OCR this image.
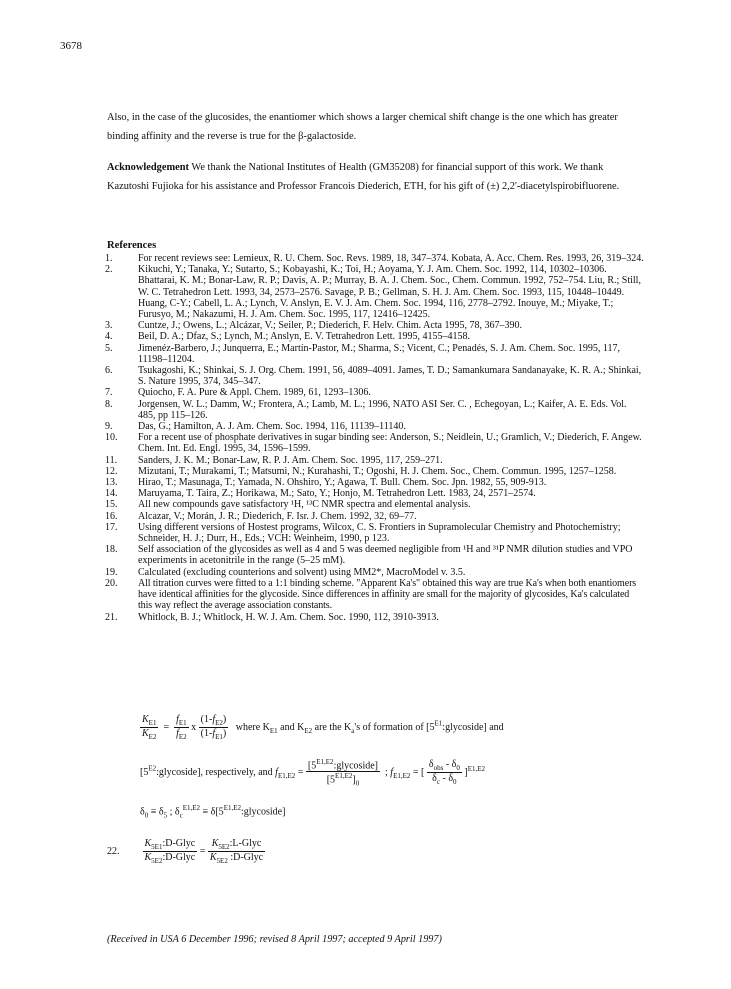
3678
Also, in the case of the glucosides, the enantiomer which shows a larger chemical shift change is the one which has greater binding affinity and the reverse is true for the β-galactoside.
Acknowledgement We thank the National Institutes of Health (GM35208) for financial support of this work. We thank Kazutoshi Fujioka for his assistance and Professor Francois Diederich, ETH, for his gift of (±) 2,2'-diacetylspirobifluorene.
References
1.	For recent reviews see: Lemieux, R. U. Chem. Soc. Revs. 1989, 18, 347–374. Kobata, A. Acc. Chem. Res. 1993, 26, 319–324.
2.	Kikuchi, Y.; Tanaka, Y.; Sutarto, S.; Kobayashi, K.; Toi, H.; Aoyama, Y. J. Am. Chem. Soc. 1992, 114, 10302–10306. Bhattarai, K. M.; Bonar-Law, R. P.; Davis, A. P.; Murray, B. A. J. Chem. Soc., Chem. Commun. 1992, 752–754. Liu, R.; Still, W. C. Tetrahedron Lett. 1993, 34, 2573–2576. Savage, P. B.; Gellman, S. H. J. Am. Chem. Soc. 1993, 115, 10448–10449. Huang, C-Y.; Cabell, L. A.; Lynch, V. Anslyn, E. V. J. Am. Chem. Soc. 1994, 116, 2778–2792. Inouye, M.; Miyake, T.; Furusyo, M.; Nakazumi, H. J. Am. Chem. Soc. 1995, 117, 12416–12425.
3.	Cuntze, J.; Owens, L.; Alcázar, V.; Seiler, P.; Diederich, F. Helv. Chim. Acta 1995, 78, 367–390.
4.	Beil, D. A.; Dfaz, S.; Lynch, M.; Anslyn, E. V. Tetrahedron Lett. 1995, 4155–4158.
5.	Jimenéz-Barbero, J.; Junquerra, E.; Martín-Pastor, M.; Sharma, S.; Vicent, C.; Penadés, S. J. Am. Chem. Soc. 1995, 117, 11198–11204.
6.	Tsukagoshi, K.; Shinkai, S. J. Org. Chem. 1991, 56, 4089–4091. James, T. D.; Samankumara Sandanayake, K. R. A.; Shinkai, S. Nature 1995, 374, 345–347.
7.	Quiocho, F. A. Pure & Appl. Chem. 1989, 61, 1293–1306.
8.	Jorgensen, W. L.; Damm, W.; Frontera, A.; Lamb, M. L.; 1996, NATO ASI Ser. C. , Echegoyan, L.; Kaifer, A. E. Eds. Vol. 485, pp 115–126.
9.	Das, G.; Hamilton, A. J. Am. Chem. Soc. 1994, 116, 11139–11140.
10.	For a recent use of phosphate derivatives in sugar binding see: Anderson, S.; Neidlein, U.; Gramlich, V.; Diederich, F. Angew. Chem. Int. Ed. Engl. 1995, 34, 1596–1599.
11.	Sanders, J. K. M.; Bonar-Law, R. P. J. Am. Chem. Soc. 1995, 117, 259–271.
12.	Mizutani, T.; Murakami, T.; Matsumi, N.; Kurahashi, T.; Ogoshi, H. J. Chem. Soc., Chem. Commun. 1995, 1257–1258.
13.	Hirao, T.; Masunaga, T.; Yamada, N. Ohshiro, Y.; Agawa, T. Bull. Chem. Soc. Jpn. 1982, 55, 909-913.
14.	Maruyama, T. Taira, Z.; Horikawa, M.; Sato, Y.; Honjo, M. Tetrahedron Lett. 1983, 24, 2571–2574.
15.	All new compounds gave satisfactory ¹H, ¹³C NMR spectra and elemental analysis.
16.	Alcazar, V.; Morán, J. R.; Diederich, F. Isr. J. Chem. 1992, 32, 69–77.
17.	Using different versions of Hostest programs, Wilcox, C. S. Frontiers in Supramolecular Chemistry and Photochemistry; Schneider, H. J.; Durr, H., Eds.; VCH: Weinheim, 1990, p 123.
18.	Self association of the glycosides as well as 4 and 5 was deemed negligible from ¹H and ³¹P NMR dilution studies and VPO experiments in acetonitrile in the range (5–25 mM).
19.	Calculated (excluding counterions and solvent) using MM2*, MacroModel v. 3.5.
20.	All titration curves were fitted to a 1:1 binding scheme. "Apparent Ka's" obtained this way are true Ka's when both enantiomers have identical affinities for the glycoside. Since differences in affinity are small for the majority of glycosides, Ka's calculated this way reflect the average association constants.
21.	Whitlock, B. J.; Whitlock, H. W. J. Am. Chem. Soc. 1990, 112, 3910-3913.
$\frac{K_{E1}}{K_{E2}} = \frac{f_{E1}}{f_{E2}}$ x $\frac{(1-f_{E2})}{(1-f_{E1})}$ where $K_{E1}$ and $K_{E2}$ are the $K_a's$ of formation of $[5^{E1}:glycoside]$ and
$[5^{E2}:glycoside]$, respectively, and $f_{E1,E2} = \frac{[5^{E1,E2}:glycoside]}{[5^{E1,E2}]_0}$ ; $f_{E1,E2}$ = [ $\frac{\delta_{obs} - \delta_0}{\delta_c - \delta_0} ]^{E1,E2}$
$\delta_0 \equiv \delta_5$ ; $\delta_c^{E1,E2}$ ≡ $\delta[5^{E1,E2}:glycoside]$
22. $\frac{K_{5E1}:D-Glyc}{K_{5E2}:D-Glyc} = \frac{K_{5E2}:L-Glyc}{K_{5E2} :D-Glyc}$
(Received in USA 6 December 1996; revised 8 April 1997; accepted 9 April 1997)
